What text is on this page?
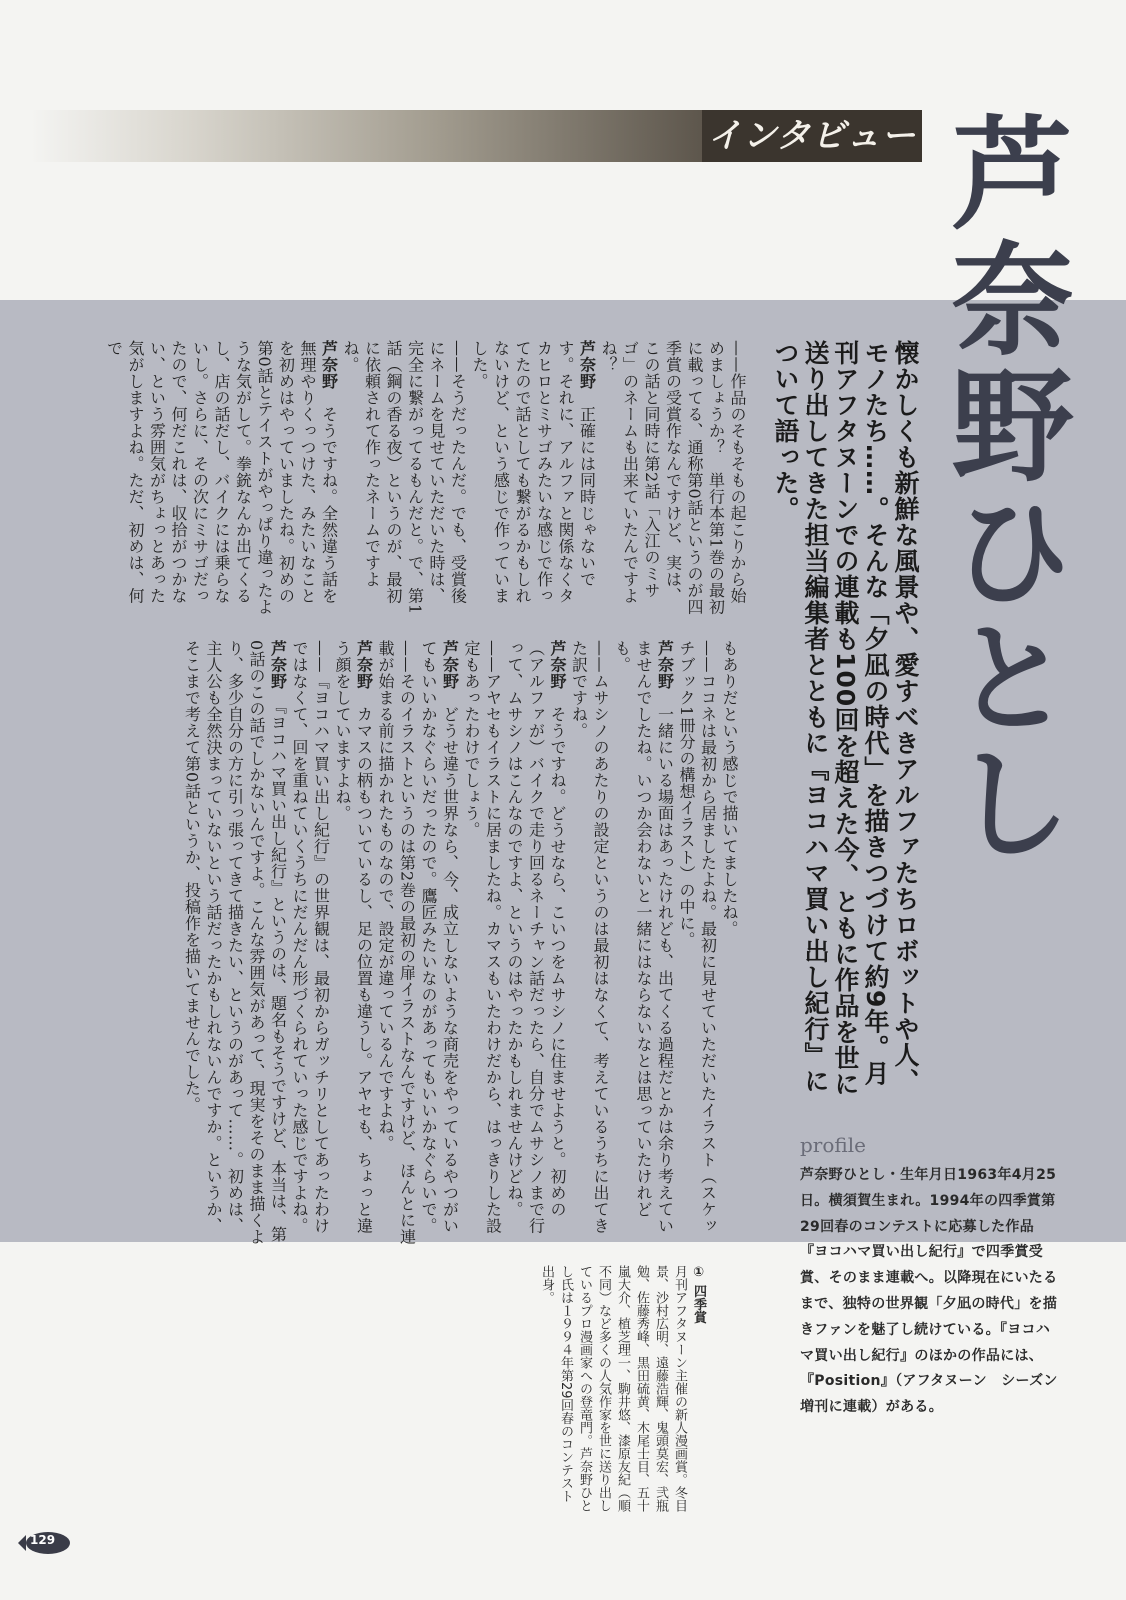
インタビュー 芦奈野ひとし
懐かしくも新鮮な風景や、愛すべきアルファたちロボットや人、モノたち……。そんな「夕凪の時代」を描きつづけて約9年。月刊アフタヌーンでの連載も100回を超えた今、ともに作品を世に送り出してきた担当編集者とともに『ヨコハマ買い出し紀行』について語った。

——作品のそもそもの起こりから始めましょうか？　単行本第1巻の最初に載ってる、通称第0話というのが四季賞の受賞作なんですけど、実は、この話と同時に第2話「入江のミサゴ」のネームも出来ていたんですよね？

芦奈野　正確には同時じゃないです。それに、アルファと関係なくタカヒロとミサゴみたいな感じで作ってたので話としても繋がるかもしれないけど、という感じで作っていました。

——そうだったんだ。でも、受賞後にネームを見せていただいた時は、完全に繋がってるもんだと。で、第1話（鋼の香る夜）というのが、最初に依頼されて作ったネームですよね。

芦奈野　そうですね。全然違う話を無理やりくっつけた、みたいなことを初めはやっていましたね。初めの第0話とテイストがやっぱり違ったような気がして。拳銃なんか出てくるし、店の話だし、バイクには乗らないし。さらに、その次にミサゴだったので、何だこれは、収拾がつかない、という雰囲気がちょっとあった気がしますよね。ただ、初めは、何で

もありだという感じで描いてましたね。

——ココネは最初から居ましたよね。最初に見せていただいたイラスト（スケッチブック1冊分の構想イラスト）の中に。

芦奈野　一緒にいる場面はあったけれども、出てくる過程だとかは余り考えていませんでしたね。いつか会わないと一緒にはならないなとは思っていたけれども。

——ムサシノのあたりの設定というのは最初はなくて、考えているうちに出てきた訳ですね。

芦奈野　そうですね。どうせなら、こいつをムサシノに住ませようと。初めの（アルファが）バイクで走り回るネーチャン話だったら、自分でムサシノまで行って、ムサシノはこんなのですよ、というのはやったかもしれませんけどね。

——アヤセもイラストに居ましたね。カマスもいたわけだから、はっきりした設定もあったわけでしょう。

芦奈野　どうせ違う世界なら、今、成立しないような商売をやっているやつがいてもいいかなぐらいだったので。鷹匠みたいなのがあってもいいかなぐらいで。

——そのイラストというのは第2巻の最初の扉イラストなんですけど、ほんとに連載が始まる前に描かれたものなので、設定が違っているんですよね。

芦奈野　カマスの柄もついているし、足の位置も違うし。アヤセも、ちょっと違う顔をしていますよね。

——『ヨコハマ買い出し紀行』の世界観は、最初からガッチリとしてあったわけではなくて、回を重ねていくうちにだんだん形づくられていった感じですよね。

芦奈野　『ヨコハマ買い出し紀行』というのは、題名もそうですけど、本当は、第0話のこの話でしかないんですよ。こんな雰囲気があって、現実をそのまま描くより、多少自分の方に引っ張ってきて描きたい、というのがあって……。初めは、主人公も全然決まっていないという話だったかもしれないんですか。というか、そこまで考えて第0話というか、投稿作を描いてませんでした。

profile

芦奈野ひとし・生年月日1963年4月25日。横須賀生まれ。1994年の四季賞第29回春のコンテストに応募した作品『ヨコハマ買い出し紀行』で四季賞受賞、そのまま連載へ。以降現在にいたるまで、独特の世界観「夕凪の時代」を描きファンを魅了し続けている。『ヨコハマ買い出し紀行』のほかの作品には、『Position』（アフタヌーン　シーズン増刊に連載）がある。

① 四季賞
月刊アフタヌーン主催の新人漫画賞。冬目景、沙村広明、遠藤浩輝、鬼頭莫宏、弐瓶勉、佐藤秀峰、黒田硫黄、木尾士目、五十嵐大介、植芝理一、駒井悠、漆原友紀（順不同）など多くの人気作家を世に送り出しているプロ漫画家への登竜門。芦奈野ひとし氏は１９９４年第29回春のコンテスト出身。
129
